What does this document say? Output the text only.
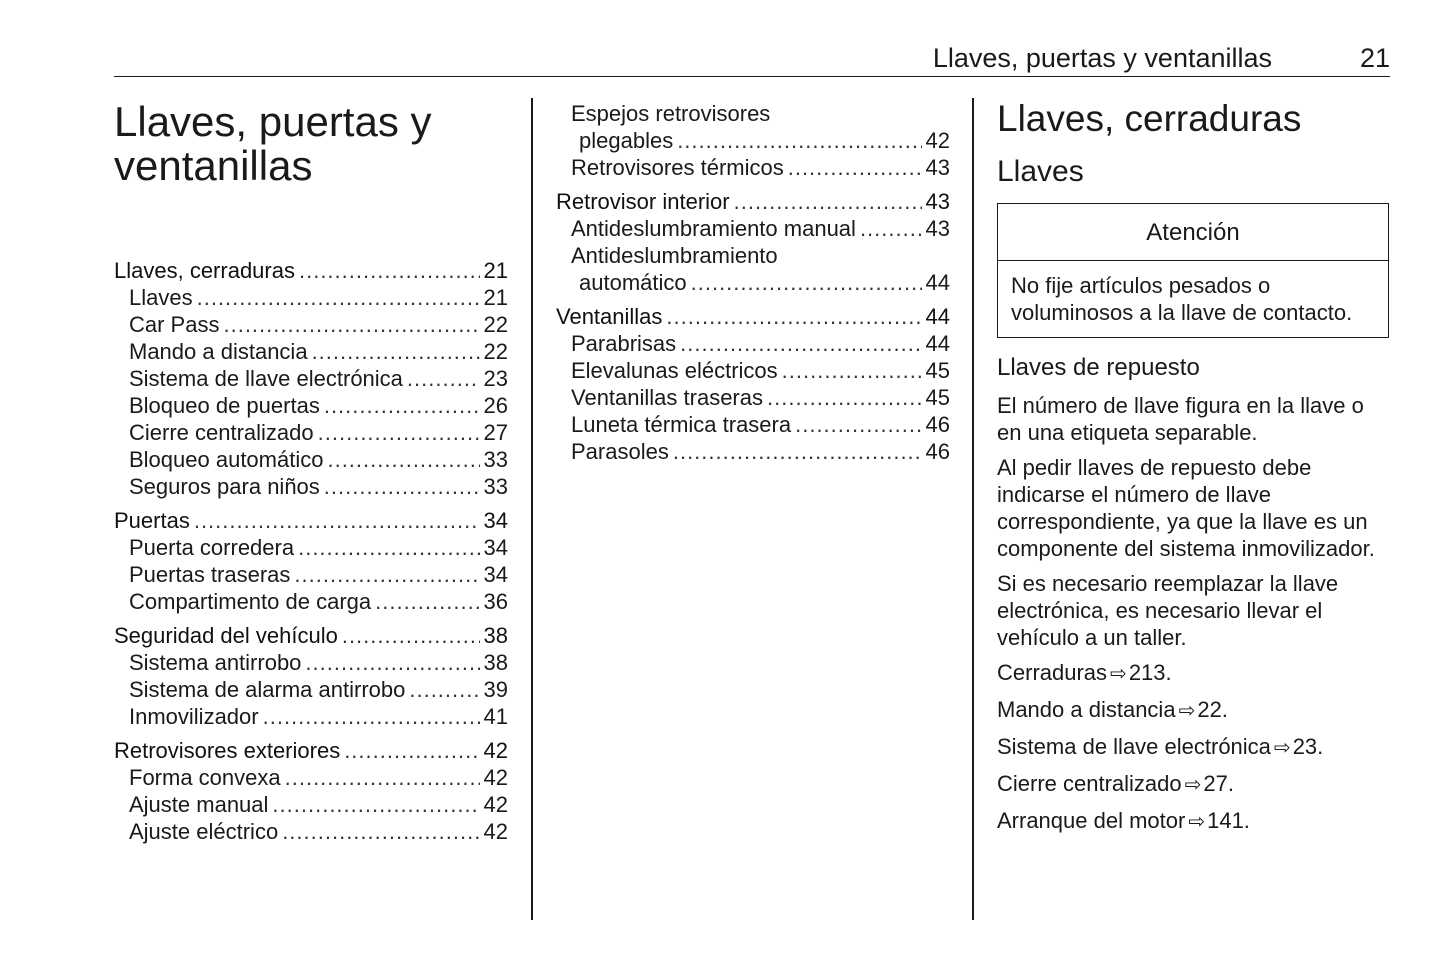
Llaves, puertas y ventanillas	21
Llaves, puertas y ventanillas
Llaves, cerraduras .....	21
Llaves .....	21
Car Pass .....	22
Mando a distancia .....	22
Sistema de llave electrónica .....	23
Bloqueo de puertas .....	26
Cierre centralizado .....	27
Bloqueo automático .....	33
Seguros para niños .....	33
Puertas .....	34
Puerta corredera .....	34
Puertas traseras .....	34
Compartimento de carga .....	36
Seguridad del vehículo .....	38
Sistema antirrobo .....	38
Sistema de alarma antirrobo .....	39
Inmovilizador .....	41
Retrovisores exteriores .....	42
Forma convexa .....	42
Ajuste manual .....	42
Ajuste eléctrico .....	42
Espejos retrovisores
plegables .....	42
Retrovisores térmicos .....	43
Retrovisor interior .....	43
Antideslumbramiento manual .....	43
Antideslumbramiento
automático .....	44
Ventanillas .....	44
Parabrisas .....	44
Elevalunas eléctricos .....	45
Ventanillas traseras .....	45
Luneta térmica trasera .....	46
Parasoles .....	46
Llaves, cerraduras
Llaves
Atención
No fije artículos pesados o voluminosos a la llave de contacto.
Llaves de repuesto

El número de llave figura en la llave o en una etiqueta separable.

Al pedir llaves de repuesto debe indicarse el número de llave correspondiente, ya que la llave es un componente del sistema inmovilizador.

Si es necesario reemplazar la llave electrónica, es necesario llevar el vehículo a un taller.

Cerraduras ⇨213.
Mando a distancia ⇨22.
Sistema de llave electrónica ⇨23.
Cierre centralizado ⇨27.
Arranque del motor ⇨141.
